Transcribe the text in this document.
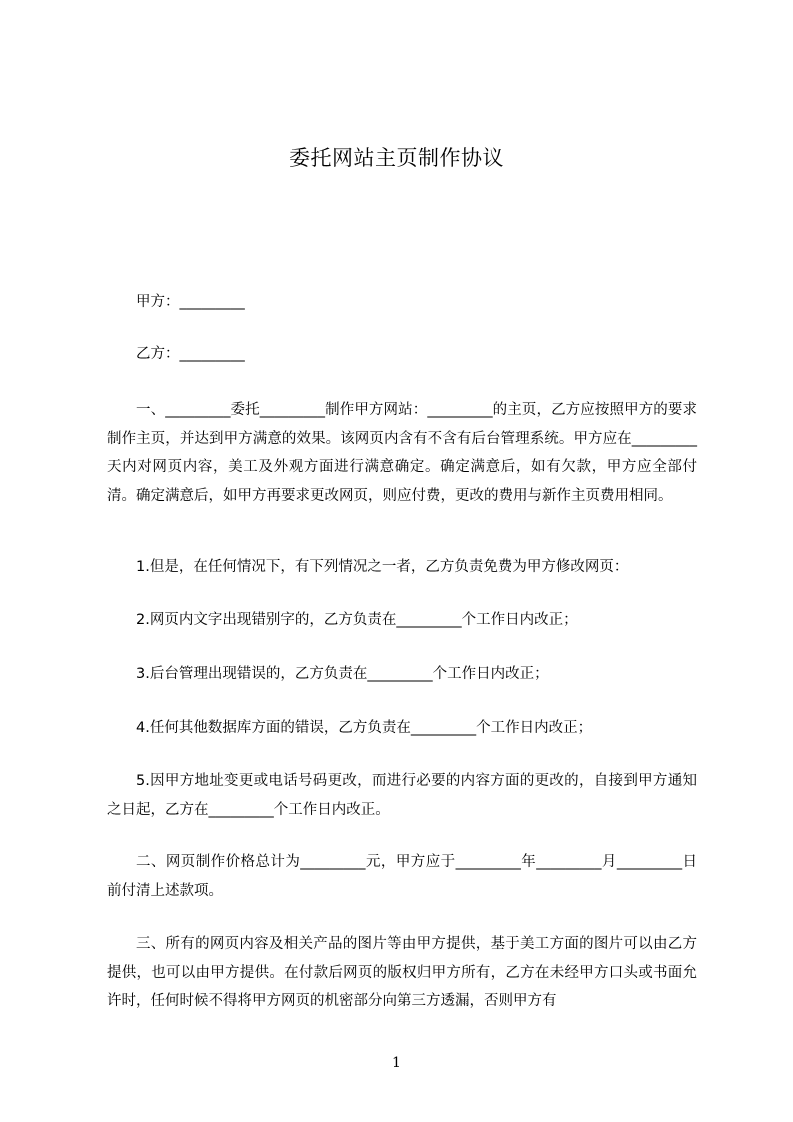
委托网站主页制作协议
甲方：_________
乙方：_________
一、_________委托_________制作甲方网站：_________的主页，乙方应按照甲方的要求制作主页，并达到甲方满意的效果。该网页内含有不含有后台管理系统。甲方应在_________天内对网页内容，美工及外观方面进行满意确定。确定满意后，如有欠款，甲方应全部付清。确定满意后，如甲方再要求更改网页，则应付费，更改的费用与新作主页费用相同。
1.但是，在任何情况下，有下列情况之一者，乙方负责免费为甲方修改网页：
2.网页内文字出现错别字的，乙方负责在_________个工作日内改正；
3.后台管理出现错误的，乙方负责在_________个工作日内改正；
4.任何其他数据库方面的错误，乙方负责在_________个工作日内改正；
5.因甲方地址变更或电话号码更改，而进行必要的内容方面的更改的，自接到甲方通知之日起，乙方在_________个工作日内改正。
二、网页制作价格总计为_________元，甲方应于_________年_________月_________日前付清上述款项。
三、所有的网页内容及相关产品的图片等由甲方提供，基于美工方面的图片可以由乙方提供，也可以由甲方提供。在付款后网页的版权归甲方所有，乙方在未经甲方口头或书面允许时，任何时候不得将甲方网页的机密部分向第三方透漏，否则甲方有
1
